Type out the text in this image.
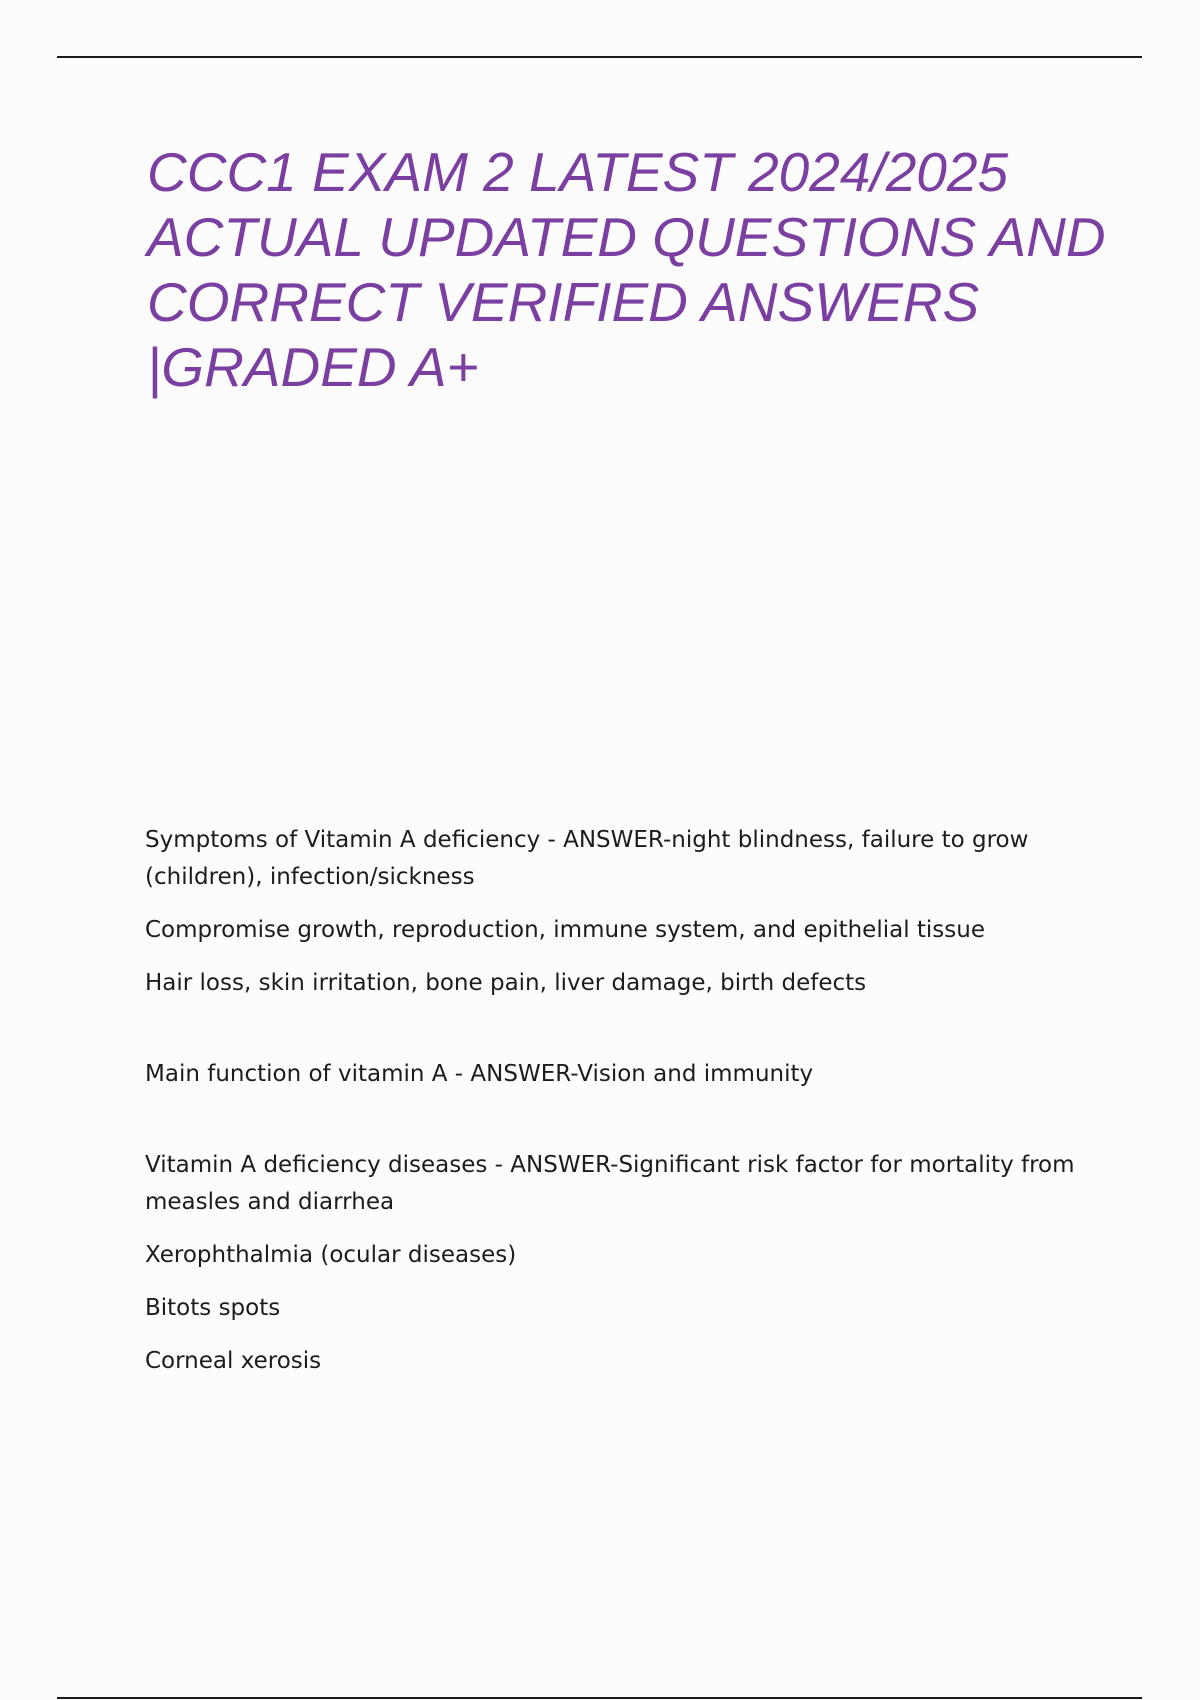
CCC1 EXAM 2 LATEST 2024/2025
ACTUAL UPDATED QUESTIONS AND
CORRECT VERIFIED ANSWERS
|GRADED A+

Symptoms of Vitamin A deficiency - ANSWER-night blindness, failure to grow (children), infection/sickness

Compromise growth, reproduction, immune system, and epithelial tissue

Hair loss, skin irritation, bone pain, liver damage, birth defects

Main function of vitamin A - ANSWER-Vision and immunity

Vitamin A deficiency diseases - ANSWER-Significant risk factor for mortality from measles and diarrhea

Xerophthalmia (ocular diseases)

Bitots spots

Corneal xerosis
